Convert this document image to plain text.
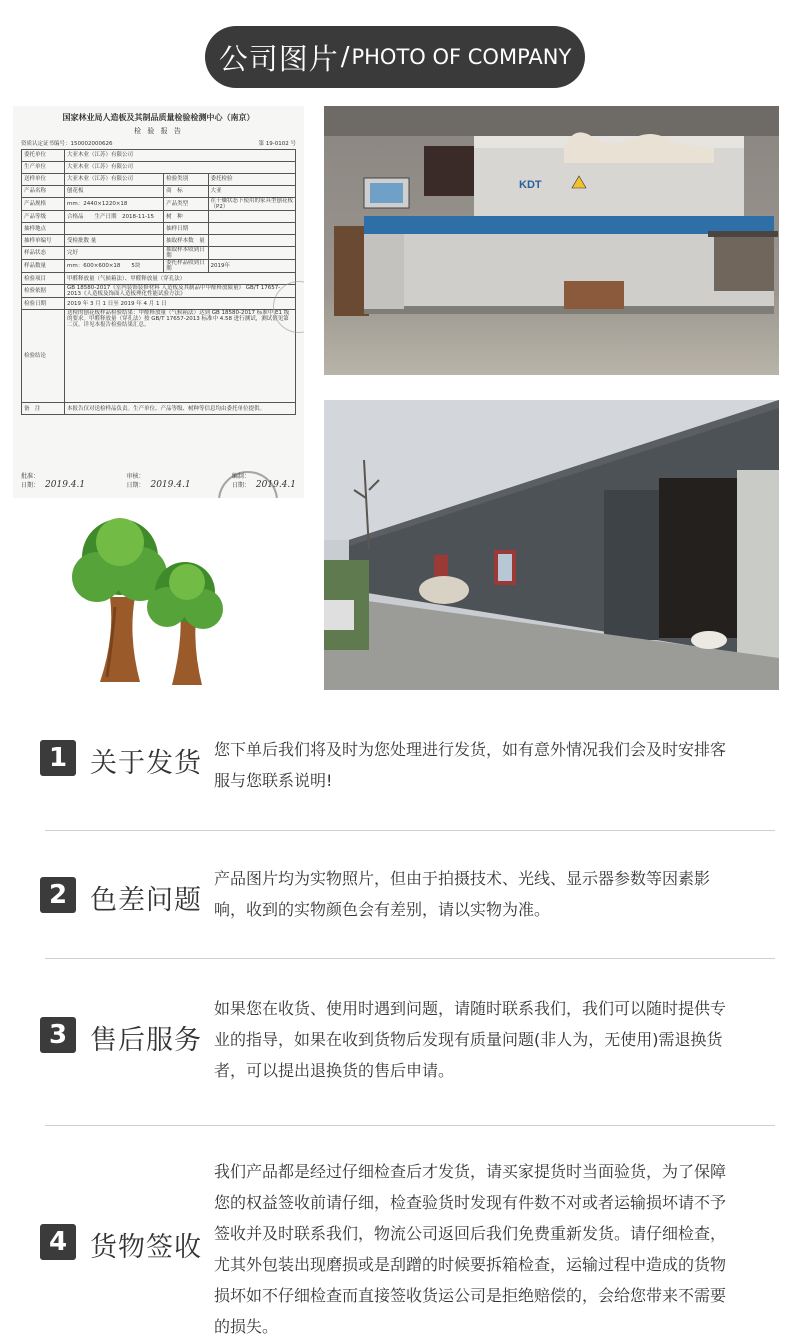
公司图片 / PHOTO OF COMPANY
国家林业局人造板及其制品质量检验检测中心（南京）
检 验 报 告
资质认定证书编号：150002000626	第 19-0102 号
委托单位	大亚木业（江苏）有限公司		
生产单位	大亚木业（江苏）有限公司		
送样单位	大亚木业（江苏）有限公司	检验类别	委托检验
产品名称	刨花板	商　标	大亚
产品规格	mm：2440×1220×18	产品类型	在干燥状态下使用的家具型刨花板（P2）
产品等级	合格品　　生产日期　2018-11-15	树　种	
抽样地点		抽样日期	
抽样单编号	受检批数 量	抽取样本数　量	
样品状态	完好	抽取样本收到日期	
样品数量	mm：600×600×18　　5块	委托样品收到日期	2019年
检验项目	甲醛释放量（气候箱法）、甲醛释放量（穿孔法）		
检验依据	GB 18580-2017《室内装饰装修材料 人造板及其制品中甲醛释放限量》 GB/T 17657-2013《人造板及饰面人造板理化性能试验方法》		
检验日期	2019 年 3 月 1 日至 2019 年 4 月 1 日		
检验结论	送检的刨花板样品检验结果：甲醛释放量（气候箱法）达到 GB 18580-2017 标准中 E1 级的要求。甲醛释放量（穿孔法）按 GB/T 17657-2013 标准中 4.58 进行测试，测试值见第二页。详见本报告检验结果汇总。		
备　注	本报告仅对送检样品负责。生产单位、产品等级、树种等信息均由委托单位提供。		
批准：
日期： 2019.4.1
审核：
日期： 2019.4.1
编制：
日期： 2019.4.1
KDT
1 关于发货 您下单后我们将及时为您处理进行发货，如有意外情况我们会及时安排客服与您联系说明!
2 色差问题
产品图片均为实物照片，但由于拍摄技术、光线、显示器参数等因素影响，收到的实物颜色会有差别，请以实物为准。
3 售后服务
如果您在收货、使用时遇到问题，请随时联系我们，我们可以随时提供专业的指导，如果在收到货物后发现有质量问题(非人为，无使用)需退换货者，可以提出退换货的售后申请。
4 货物签收
我们产品都是经过仔细检查后才发货，请买家提货时当面验货，为了保障您的权益签收前请仔细，检查验货时发现有件数不对或者运输损坏请不予签收并及时联系我们，物流公司返回后我们免费重新发货。请仔细检查，尤其外包装出现磨损或是刮蹭的时候要拆箱检查，运输过程中造成的货物损坏如不仔细检查而直接签收货运公司是拒绝赔偿的，会给您带来不需要的损失。
